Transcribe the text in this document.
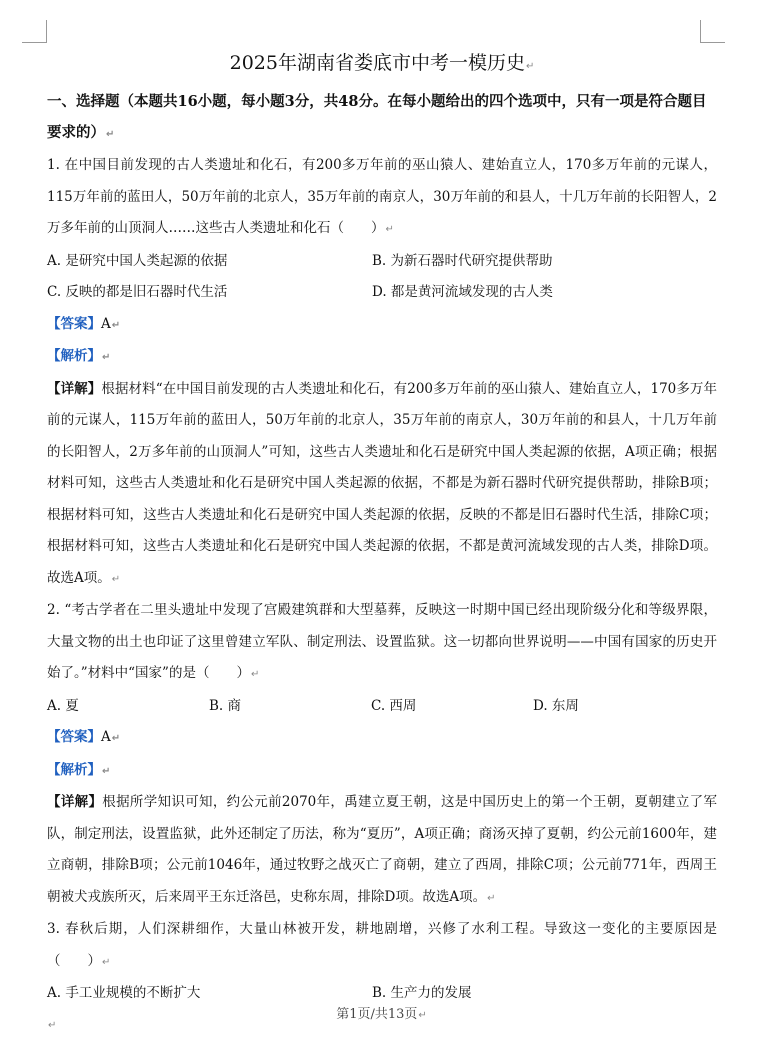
2025年湖南省娄底市中考一模历史↵
一、选择题（本题共16小题，每小题3分，共48分。在每小题给出的四个选项中，只有一项是符合题目要求的）↵

1. 在中国目前发现的古人类遗址和化石，有200多万年前的巫山猿人、建始直立人，170多万年前的元谋人，115万年前的蓝田人，50万年前的北京人，35万年前的南京人，30万年前的和县人，十几万年前的长阳智人，2万多年前的山顶洞人……这些古人类遗址和化石（　　）↵

A. 是研究中国人类起源的依据	B. 为新石器时代研究提供帮助
C. 反映的都是旧石器时代生活	D. 都是黄河流域发现的古人类
【答案】A↵
【解析】↵

【详解】根据材料“在中国目前发现的古人类遗址和化石，有200多万年前的巫山猿人、建始直立人，170多万年前的元谋人，115万年前的蓝田人，50万年前的北京人，35万年前的南京人，30万年前的和县人，十几万年前的长阳智人，2万多年前的山顶洞人”可知，这些古人类遗址和化石是研究中国人类起源的依据，A项正确；根据材料可知，这些古人类遗址和化石是研究中国人类起源的依据，不都是为新石器时代研究提供帮助，排除B项；根据材料可知，这些古人类遗址和化石是研究中国人类起源的依据，反映的不都是旧石器时代生活，排除C项；根据材料可知，这些古人类遗址和化石是研究中国人类起源的依据，不都是黄河流域发现的古人类，排除D项。故选A项。↵

2. “考古学者在二里头遗址中发现了宫殿建筑群和大型墓葬，反映这一时期中国已经出现阶级分化和等级界限，大量文物的出土也印证了这里曾建立军队、制定刑法、设置监狱。这一切都向世界说明——中国有国家的历史开始了。”材料中“国家”的是（　　）↵

A. 夏	B. 商	C. 西周	D. 东周
【答案】A↵
【解析】↵

【详解】根据所学知识可知，约公元前2070年，禹建立夏王朝，这是中国历史上的第一个王朝，夏朝建立了军队，制定刑法，设置监狱，此外还制定了历法，称为“夏历”，A项正确；商汤灭掉了夏朝，约公元前1600年，建立商朝，排除B项；公元前1046年，通过牧野之战灭亡了商朝，建立了西周，排除C项；公元前771年，西周王朝被犬戎族所灭，后来周平王东迁洛邑，史称东周，排除D项。故选A项。↵

3. 春秋后期，人们深耕细作，大量山林被开发，耕地剧增，兴修了水利工程。导致这一变化的主要原因是（　　）↵

A. 手工业规模的不断扩大	B. 生产力的发展
第1页/共13页↵
↵
